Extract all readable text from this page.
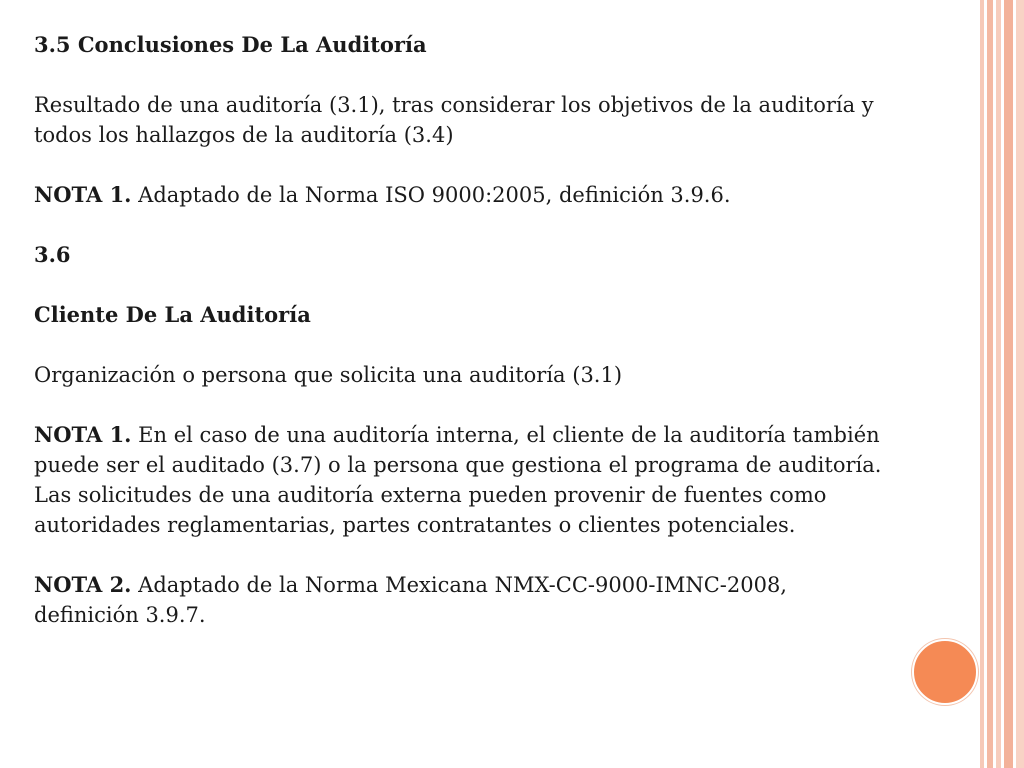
3.5 Conclusiones De La Auditoría

Resultado de una auditoría (3.1), tras considerar los objetivos de la auditoría y

todos los hallazgos de la auditoría (3.4)

NOTA 1. Adaptado de la Norma ISO 9000:2005, definición 3.9.6.

3.6

Cliente De La Auditoría

Organización o persona que solicita una auditoría (3.1)

NOTA 1. En el caso de una auditoría interna, el cliente de la auditoría también

puede ser el auditado (3.7) o la persona que gestiona el programa de auditoría.

Las solicitudes de una auditoría externa pueden provenir de fuentes como

autoridades reglamentarias, partes contratantes o clientes potenciales.

NOTA 2. Adaptado de la Norma Mexicana NMX-CC-9000-IMNC-2008,

definición 3.9.7.
